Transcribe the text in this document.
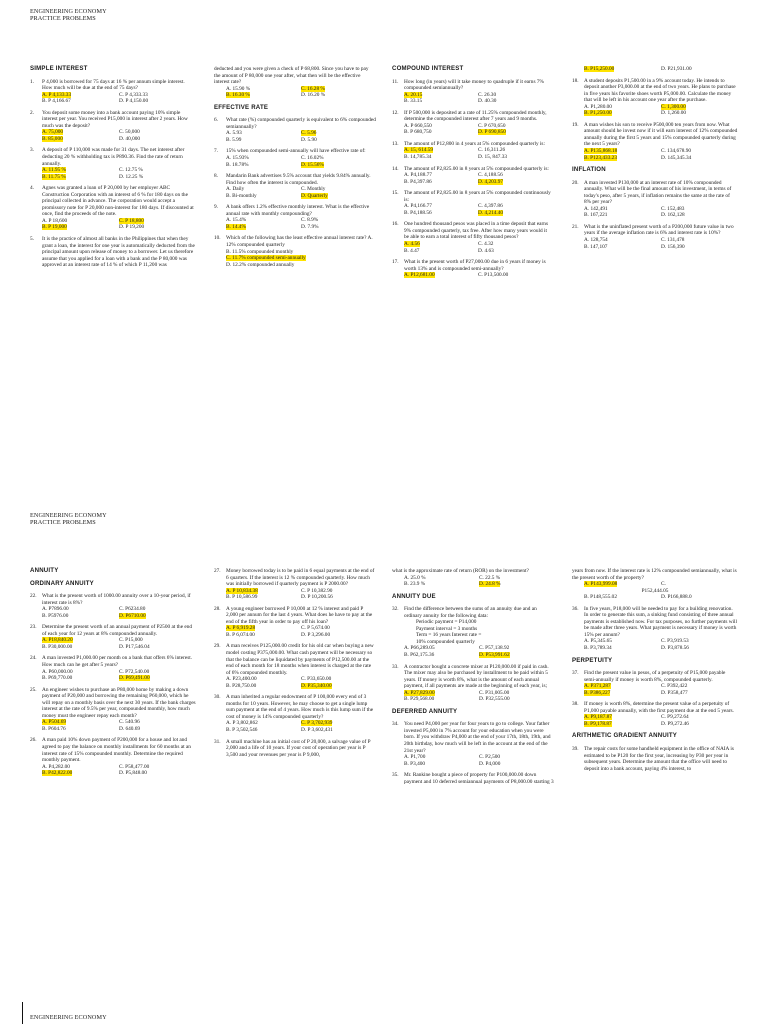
ENGINEERING ECONOMY
PRACTICE PROBLEMS
SIMPLE INTEREST
1.	P 4,000 is borrowed for 75 days at 16 % per annum simple interest. How much will be due at the end of 75 days?
A. P 4,133.33	C. P 4,333.33
B. P 4,166.67	D. P 4,150.00
2.	You deposit some money into a bank account paying 10% simple interest per year. You received P15,000 in interest after 2 years. How much was the deposit?
A. 75,000	C. 50,000
B. 85,000	D. 40,000
3.	A deposit of P 110,000 was made for 31 days. The net interest after deducting 20 % withholding tax is P890.36. Find the rate of return annually.
A. 11.95 %	C. 12.75 %
B. 11.75 %	D. 12.25 %
4.	Agnes was granted a loan of P 20,000 by her employer ABC Construction Corporation with an interest of 6 % for 180 days on the principal collected in advance. The corporation would accept a promissory note for P 20,000 non-interest for 180 days. If discounted at once, find the proceeds of the note.
A. P 18,600	C. P 18,800
B. P 19,000	D. P 19,200
5.	It is the practice of almost all banks in the Philippines that when they grant a loan, the interest for one year is automatically deducted from the principal amount upon release of money to a borrower. Let us therefore assume that you applied for a loan with a bank and the P 80,000 was approved at an interest rate of 14 % of which P 11,200 was
deducted and you were given a check of P 68,800. Since you have to pay the amount of P 80,000 one year after, what then will be the effective interest rate?
A. 15.90 %	C. 16.28 %
B. 16.30 %	D. 16.20 %
EFFECTIVE RATE
6.	What rate (%) compounded quarterly is equivalent to 6% compounded semiannually?
A. 5.93	C. 5.96
B. 5.99	D. 5.90
7.	15% when compounded semi-annually will have effective rate of:
A. 15.93%	C. 16.02%
B. 18.78%	D. 15.56%
8.	Mandarin Bank advertises 9.5% account that yields 9.84% annually. Find how often the interest is compounded.
A. Daily	C. Monthly
B. Bi-monthly	D. Quarterly
9.	A bank offers 1.2% effective monthly interest. What is the effective annual rate with monthly compounding?
A. 15.4%	C. 8.9%
B. 14.4%	D. 7.9%
10.	Which of the following has the least effective annual interest rate? A. 12% compounded quarterly
B. 11.5% compounded monthly
C. 11.7% compounded semi-annually
D. 12.2% compounded annually
COMPOUND INTEREST
11.	How long (in years) will it take money to quadruple if it earns 7% compounded semiannually?
A. 20.15	C. 26.30
B. 33.15	D. 40.30
12.	If P 500,000 is deposited at a rate of 11.25% compounded monthly, determine the compounded interest after 7 years and 9 months.
A. P 660,550	C. P 670,650
B. P 680,750	D. P 690,850
13.	The amount of P12,800 in 4 years at 5% compounded quarterly is:
A. 15, 614.59	C. 16,311.26
B. 14,785.34	D. 15, 847.33
14.	The amount of P2,825.00 in 8 years at 5% compounded quarterly is:
A. P4,188.77	C. 4,188.56
B. P4,397.86	D. 4,203.97
15.	The amount of P2,825.00 in 8 years at 5% compounded continuously is:
A. P4,166.77	C. 4,397.86
B. P4,188.56	D. 4,214.40
16.	One hundred thousand pesos was placed in a time deposit that earns 9% compounded quarterly, tax free. After how many years would it be able to earn a total interest of fifty thousand pesos?
A. 4.56	C. 4.32
B. 4.47	D. 4.63
17.	What is the present worth of P27,000.00 due in 6 years if money is worth 13% and is compounded semi-annually?
A. P12,681.00	C. P13,500.00
B. P15,250.00	D. P21,931.00
18.	A student deposits P1,500.00 in a 9% account today. He intends to deposit another P3,000.00 at the end of two years. He plans to purchase in five years his favorite shoes worth P5,000.00. Calculate the money that will be left in his account one year after the purchase.
A. P1,280.00	C. 1,300.00
B. P1,250.00	D. 1,260.00
19.	A man wishes his son to receive P500,000 ten years from now. What amount should he invest now if it will earn interest of 12% compounded annually during the first 5 years and 15% compounded quarterly during the next 5 years?
A. P135,868.18	C. 134,678.90
B. P123,433.23	D. 145,345.34
INFLATION
20.	A man invested P130,000 at an interest rate of 10% compounded annually. What will be the final amount of his investment, in terms of today's peso, after 5 years, if inflation remains the same at the rate of 8% per year?
A. 142,491	C. 152,483
B. 167,221	D. 162,128
21.	What is the uninflated present worth of a P200,000 future value in two years if the average inflation rate is 6% and interest rate is 10%?
A. 128,754	C. 131,478
B. 147,107	D. 156,390
ENGINEERING ECONOMY
PRACTICE PROBLEMS
ANNUITY
ORDINARY ANNUITY
22.	What is the present worth of 1000.00 annuity over a 10-year period, if interest rate is 8%?
A. P7896.00	C. P6234.80
B. P5976.00	D. P6710.00
23.	Determine the present worth of an annual payment of P2500 at the end of each year for 12 years at 8% compounded annually.
A. P18,840.20	C. P15,000
B. P30,000.00	D. P17,546.04
24.	A man invested P1,000.00 per month on a bank that offers 6% interest. How much can he get after 5 years?
A. P60,000.00	C. P72,540.00
B. P69,770.00	D. P69,491.00
25.	An engineer wishes to purchase an P80,000 home by making a down payment of P20,000 and borrowing the remaining P60,000, which he will repay on a monthly basis over the next 30 years. If the bank charges interest at the rate of 9.5% per year, compounded monthly, how much money must the engineer repay each month?
A. P504.69	C. 540.96
B. P604.76	D. 640.69
26.	A man paid 10% down payment of P200,000 for a house and lot and agreed to pay the balance on monthly installments for 60 months at an interest rate of 15% compounded monthly. Determine the required monthly payment.
A. P4,282.00	C. P58,477.00
B. P42,822.00	D. P5,848.00
27.	Money borrowed today is to be paid in 6 equal payments at the end of 6 quarters. If the interest is 12 % compounded quarterly. How much was initially borrowed if quarterly payment is P 2000.00?
A. P 10,834.38	C. P 10,382.90
B. P 10,586.99	D. P 10,200.56
28.	A young engineer borrowed P 10,000 at 12 % interest and paid P 2,000 per annum for the last 4 years. What does he have to pay at the end of the fifth year in order to pay off his loan?
A. P 6,919.28	C. P 5,674.00
B. P 6,074.00	D. P 3,296.00
29.	A man receives P125,000.00 credit for his old car when buying a new model costing P375,000.00. What cash payment will be necessary so that the balance can be liquidated by payments of P12,500.00 at the end of each month for 18 months when interest is charged at the rate of 6% compounded monthly.
A. P23,400.00	C. P33,650.00
B. P28,750.00	D. P35,340.00
30.	A man inherited a regular endowment of P 100,000 every end of 3 months for 10 years. However, he may choose to get a single lump sum payment at the end of 4 years. How much is this lump sum if the cost of money is 14% compounded quarterly?
A. P 3,802,862	C. P 3,702,939
B. P 3,502,546	D. P 3,602,431
31.	A small machine has an initial cost of P 20,000, a salvage value of P 2,000 and a life of 10 years. If your cost of operation per year is P 3,500 and your revenues per year is P 9,000,
what is the approximate rate of return (ROR) on the investment?
A. 25.0 %	C. 22.5 %
B. 23.9 %	D. 24.8 %
ANNUITY DUE
32.	Find the difference between the sums of an annuity due and an ordinary annuity for the following data:
Periodic payment = P14,000
Payment interval = 3 months
Term = 16 years Interest rate =
10% compounded quarterly
A. P66,289.05	C. P57,138.92
B. P62,175.36	D. P53,991.62
33.	A contractor bought a concrete mixer at P120,000.00 if paid in cash. The mixer may also be purchased by installment to be paid within 5 years. If money is worth 8%, what is the amount of each annual payment, if all payments are made at the beginning of each year, is;
A. P27,829.00	C. P31,005.00
B. P29,568.00	D. P32,555.00
DEFERRED ANNUITY
34.	You need P4,000 per year for four years to go to college. Your father invested P5,000 in 7% account for your education when you were born. If you withdraw P4,000 at the end of your 17th, 18th, 19th, and 20th birthday, how much will be left in the account at the end of the 21st year?
A. P1,700	C. P2,500
B. P3,400	D. P4,000
35.	Mr. Rankine bought a piece of property for P100,000.00 down payment and 10 deferred semiannual payments of P8,000.00 starting 3
years from now. If the interest rate is 12% compounded semiannually, what is the present worth of the property?
A. P143,999.08	C.
P152,444.05
B. P148,555.02	D. P166,888.0
36.	In five years, P18,000 will be needed to pay for a building renovation. In order to generate this sum, a sinking fund consisting of three annual payments is established now. For tax purposes, no further payments will be made after three years. What payment is necessary if money is worth 15% per annum?
A. P5,345.65	C. P3,919.53
B. P3,789.34	D. P3,878.56
PERPETUITY
37.	Find the present value in pesos, of a perpetuity of P15,000 payable semi-annually if money is worth 8%, compounded quarterly.
A. P371,287	C. P392,422
B. P386,227	D. P358,477
38.	If money is worth 8%, determine the present value of a perpetuity of P1,000 payable annually, with the first payment due at the end 5 years.
A. P9,187.87	C. P9,272.64
B. P9,178.87	D. P9,272.46
ARITHMETIC GRADIENT ANNUITY
39.	The repair costs for some handheld equipment in the office of NAIA is estimated to be P120 for the first year, increasing by P30 per year in subsequent years. Determine the amount that the office will need to deposit into a bank account, paying 4% interest, to
ENGINEERING ECONOMY
